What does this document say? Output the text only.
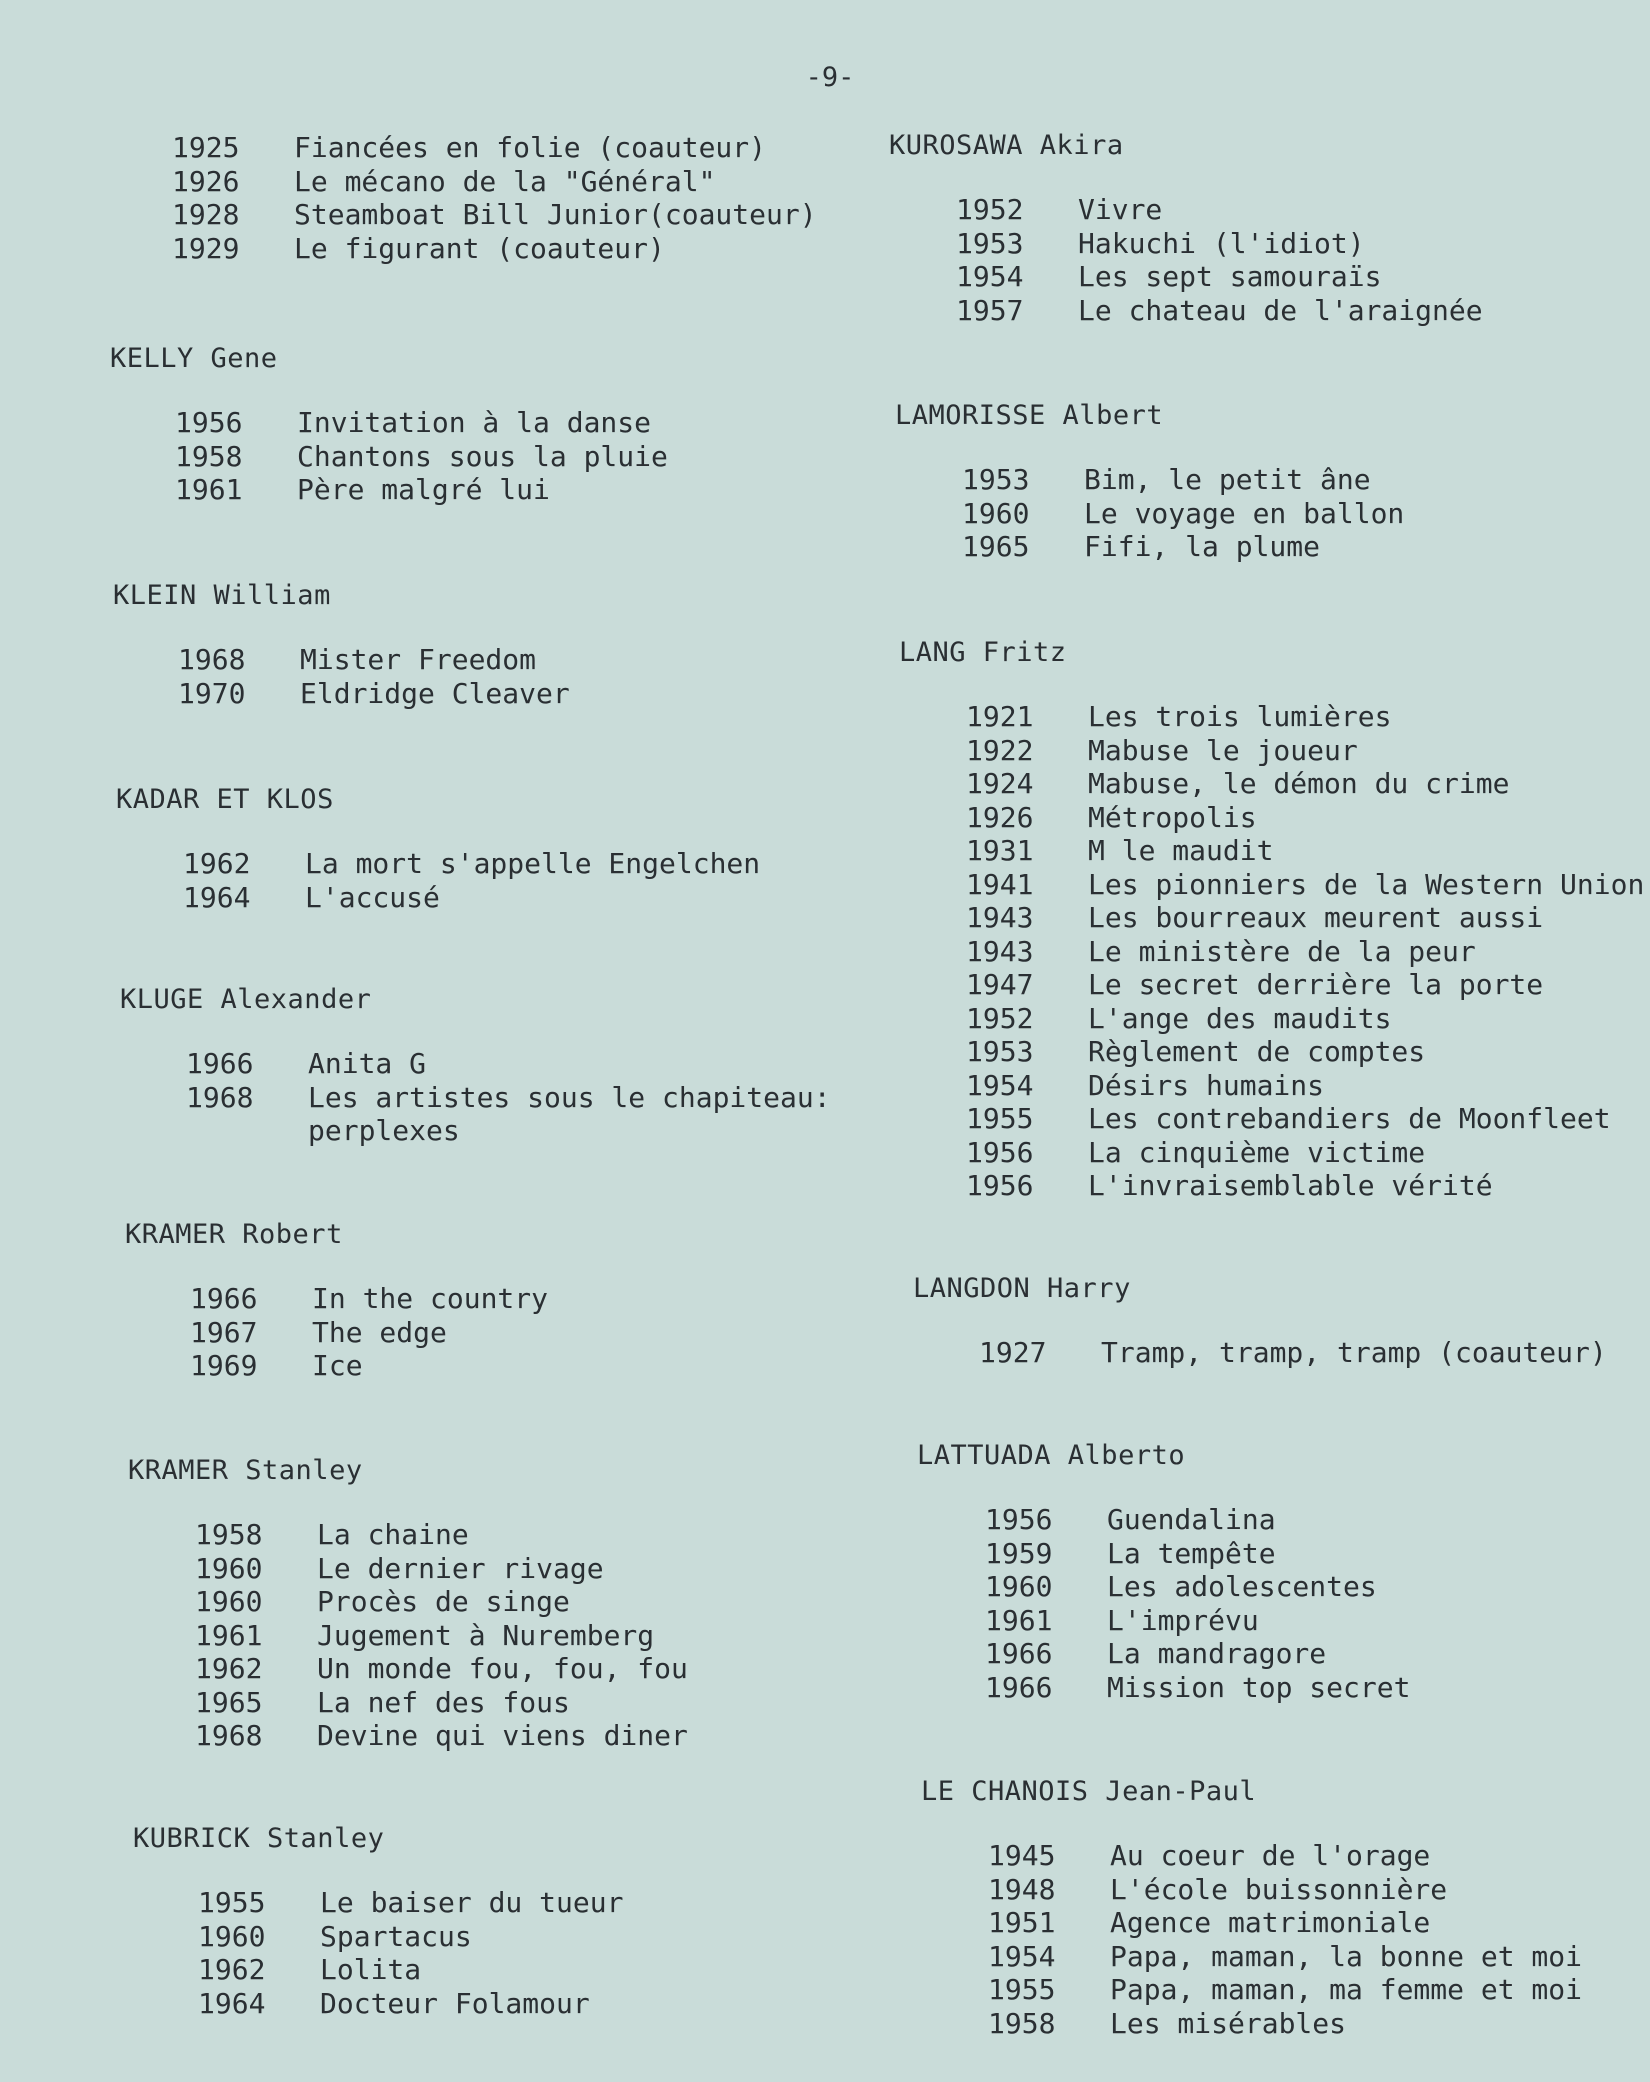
-9-
1925	Fiancées en folie (coauteur)
1926	Le mécano de la "Général"
1928	Steamboat Bill Junior(coauteur)
1929	Le figurant (coauteur)
KELLY Gene
1956	Invitation à la danse
1958	Chantons sous la pluie
1961	Père malgré lui
KLEIN William
1968	Mister Freedom
1970	Eldridge Cleaver
KADAR ET KLOS
1962	La mort s'appelle Engelchen
1964	L'accusé
KLUGE Alexander
1966	Anita G
1968	Les artistes sous le chapiteau:
perplexes
KRAMER Robert
1966	In the country
1967	The edge
1969	Ice
KRAMER Stanley
1958	La chaine
1960	Le dernier rivage
1960	Procès de singe
1961	Jugement à Nuremberg
1962	Un monde fou, fou, fou
1965	La nef des fous
1968	Devine qui viens diner
KUBRICK Stanley
1955	Le baiser du tueur
1960	Spartacus
1962	Lolita
1964	Docteur Folamour
KUROSAWA Akira
1952	Vivre
1953	Hakuchi (l'idiot)
1954	Les sept samouraïs
1957	Le chateau de l'araignée
LAMORISSE Albert
1953	Bim, le petit âne
1960	Le voyage en ballon
1965	Fifi, la plume
LANG Fritz
1921	Les trois lumières
1922	Mabuse le joueur
1924	Mabuse, le démon du crime
1926	Métropolis
1931	M le maudit
1941	Les pionniers de la Western Union
1943	Les bourreaux meurent aussi
1943	Le ministère de la peur
1947	Le secret derrière la porte
1952	L'ange des maudits
1953	Règlement de comptes
1954	Désirs humains
1955	Les contrebandiers de Moonfleet
1956	La cinquième victime
1956	L'invraisemblable vérité
LANGDON Harry
1927	Tramp, tramp, tramp (coauteur)
LATTUADA Alberto
1956	Guendalina
1959	La tempête
1960	Les adolescentes
1961	L'imprévu
1966	La mandragore
1966	Mission top secret
LE CHANOIS Jean-Paul
1945	Au coeur de l'orage
1948	L'école buissonnière
1951	Agence matrimoniale
1954	Papa, maman, la bonne et moi
1955	Papa, maman, ma femme et moi
1958	Les misérables
